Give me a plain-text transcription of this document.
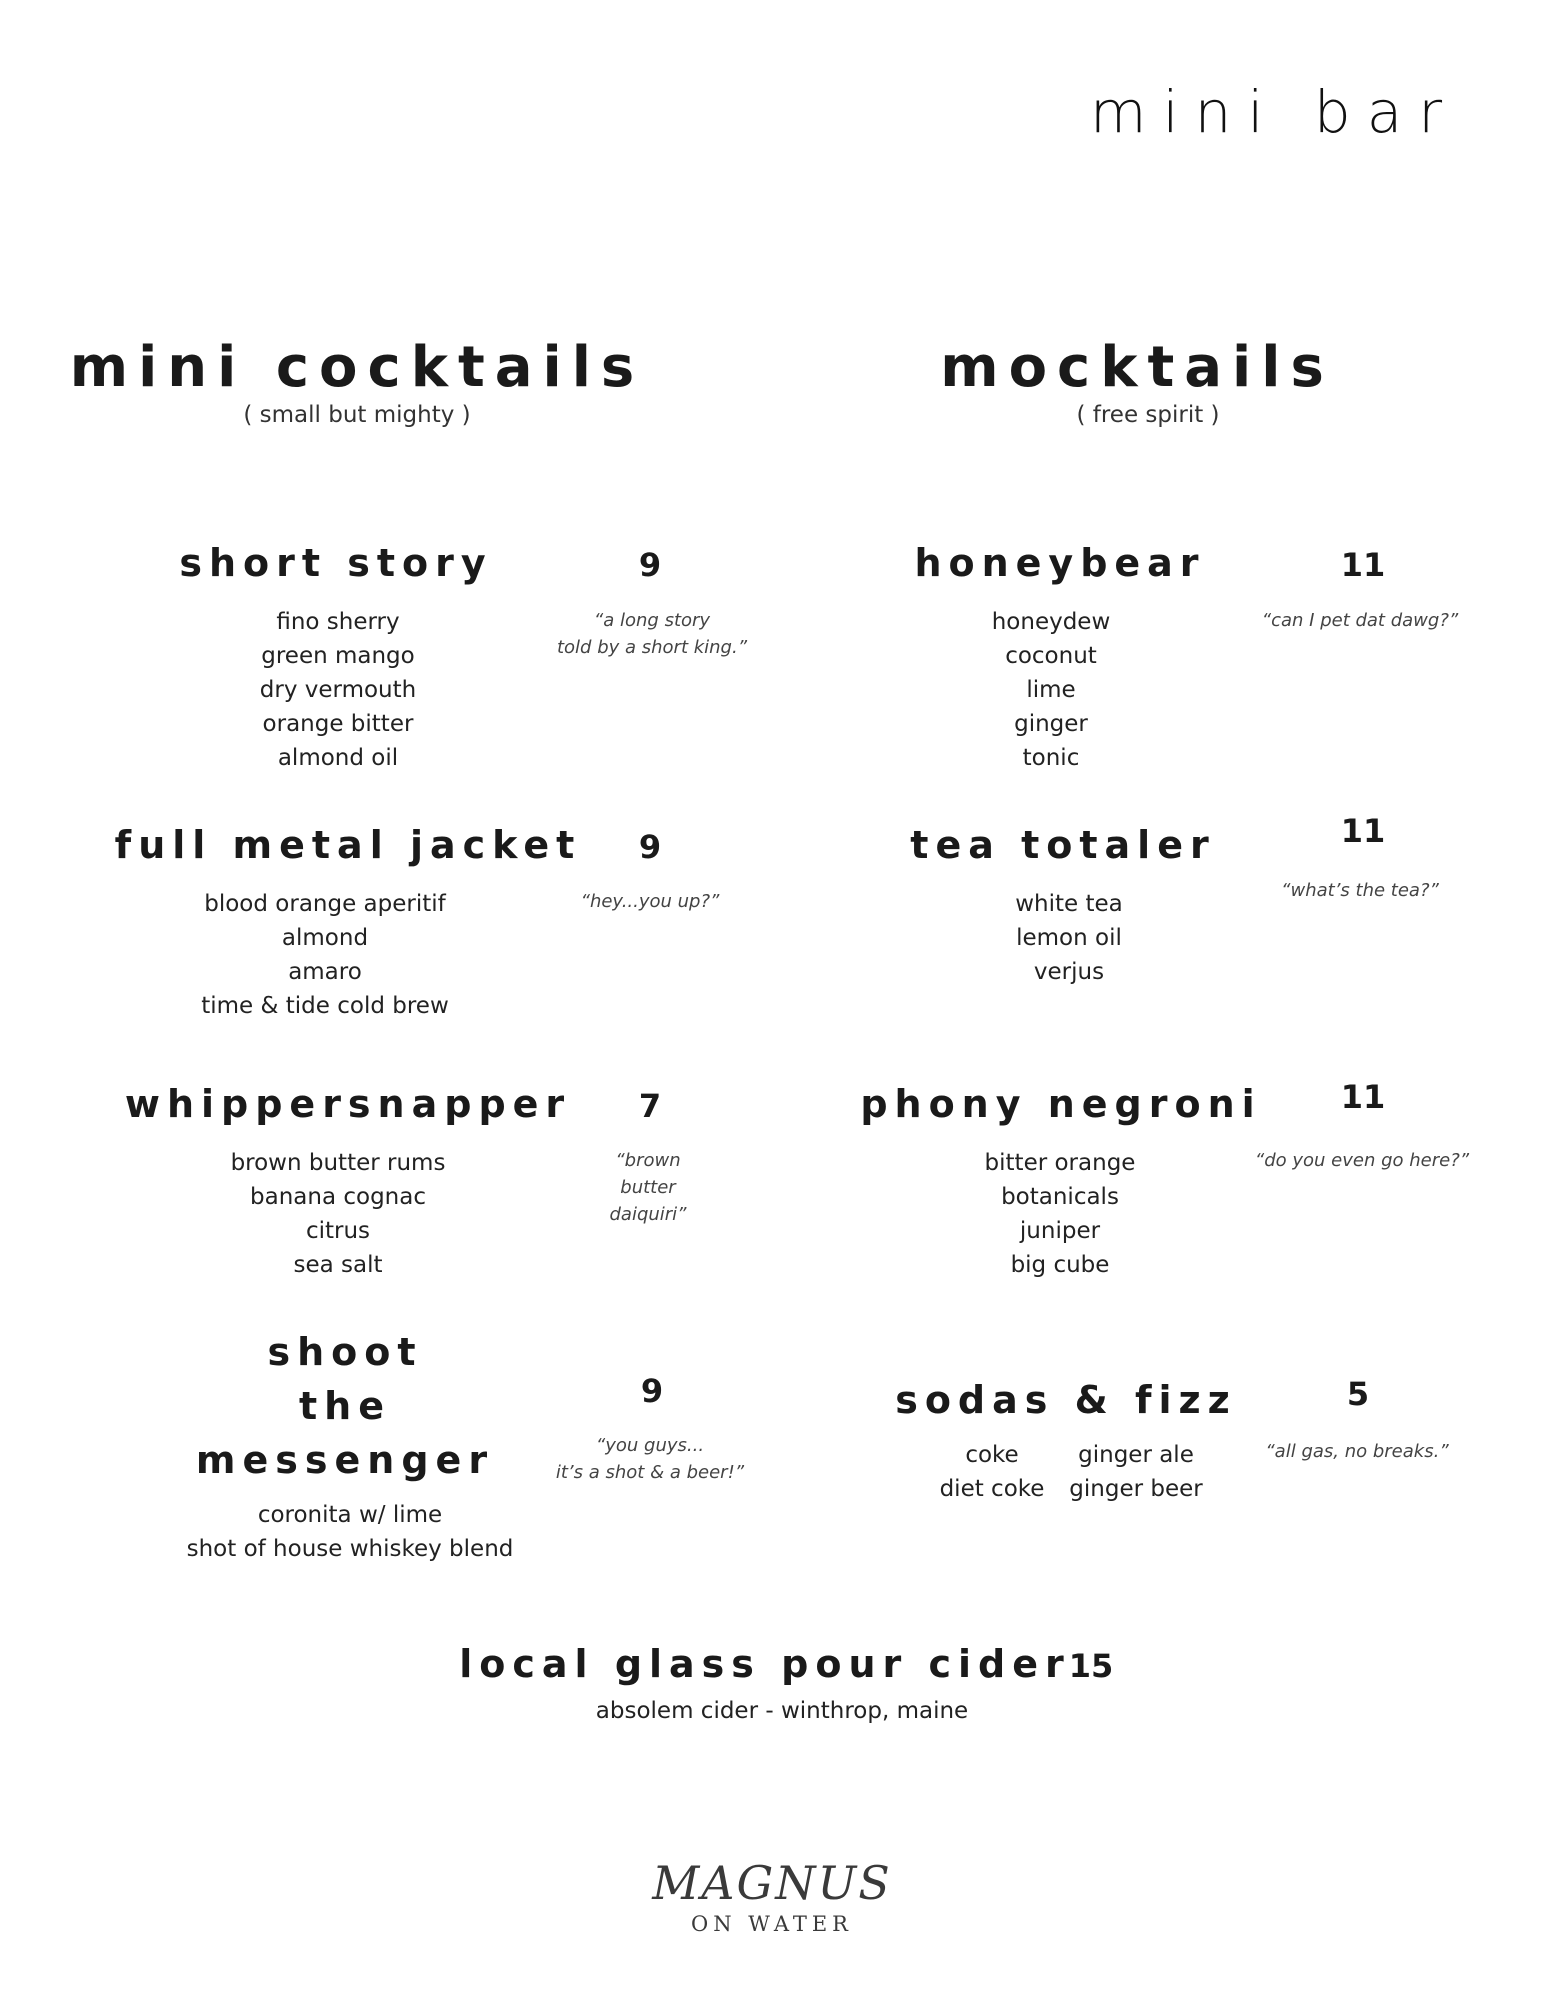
mini bar
mini cocktails
( small but mighty )
mocktails
( free spirit )
short story	9
fino sherry
green mango
dry vermouth
orange bitter
almond oil
“a long story
told by a short king.”
full metal jacket 9
blood orange aperitif
almond
amaro
time & tide cold brew
“hey...you up?”
whippersnapper 7
brown butter rums
banana cognac
citrus
sea salt
“brown
butter
daiquiri”
shoot
the
messenger
9
coronita w/ lime
shot of house whiskey blend
“you guys...
it’s a shot & a beer!”
honeybear	11
honeydew
coconut
lime
ginger
tonic
“can I pet dat dawg?”
tea totaler	11
white tea
lemon oil
verjus
“what’s the tea?”
phony negroni 11
bitter orange
botanicals
juniper
big cube
“do you even go here?”
sodas & fizz	5
coke
diet coke
ginger ale
ginger beer
“all gas, no breaks.”
local glass pour cider
15
absolem cider - winthrop, maine
MAGNUS
ON WATER
